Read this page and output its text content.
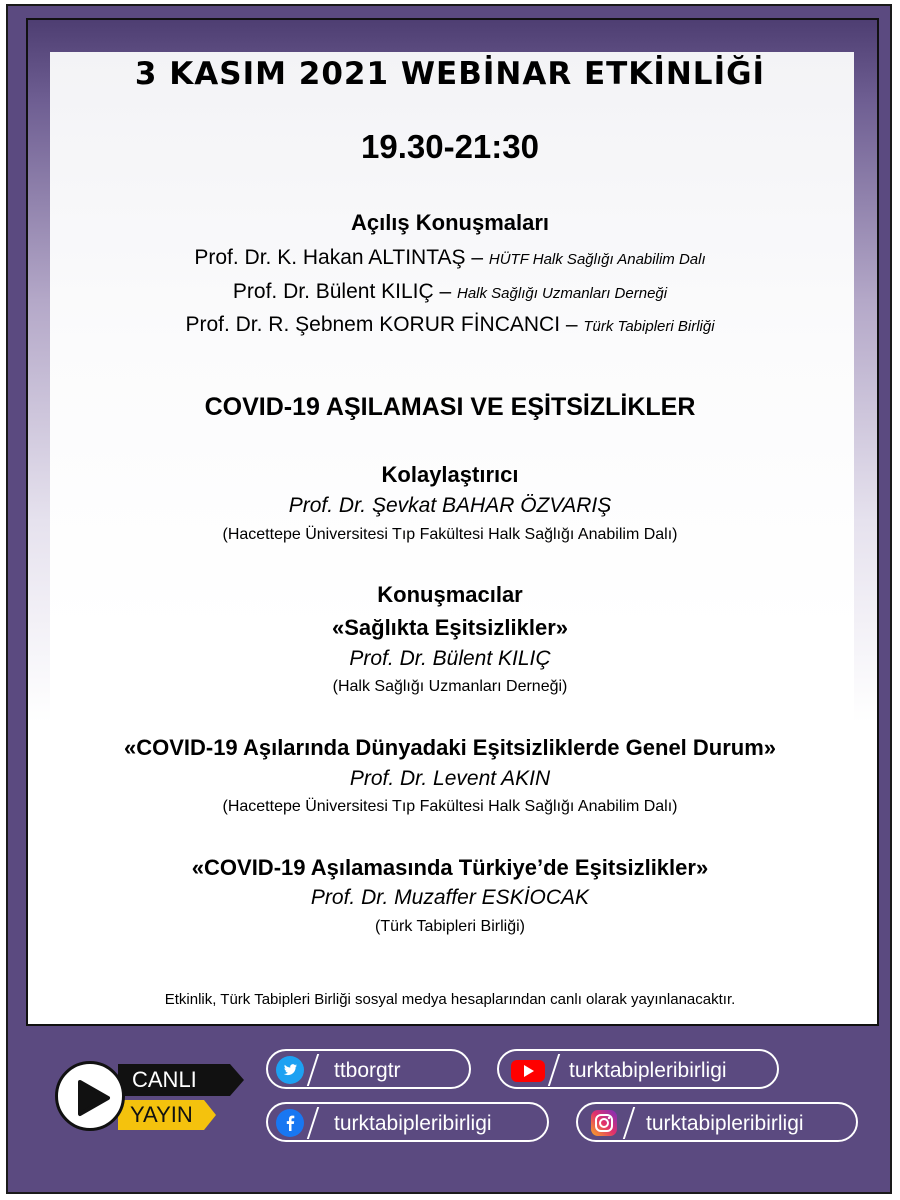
3 KASIM 2021 WEBİNAR ETKİNLİĞİ
19.30-21:30
Açılış Konuşmaları
Prof. Dr. K. Hakan ALTINTAŞ – HÜTF Halk Sağlığı Anabilim Dalı
Prof. Dr. Bülent KILIÇ – Halk Sağlığı Uzmanları Derneği
Prof. Dr. R. Şebnem KORUR FİNCANCI – Türk Tabipleri Birliği
COVID-19 AŞILAMASI VE EŞİTSİZLİKLER
Kolaylaştırıcı
Prof. Dr. Şevkat BAHAR ÖZVARIŞ
(Hacettepe Üniversitesi Tıp Fakültesi Halk Sağlığı Anabilim Dalı)
Konuşmacılar
«Sağlıkta Eşitsizlikler»
Prof. Dr. Bülent KILIÇ
(Halk Sağlığı Uzmanları Derneği)
«COVID-19 Aşılarında Dünyadaki Eşitsizliklerde Genel Durum»
Prof. Dr. Levent AKIN
(Hacettepe Üniversitesi Tıp Fakültesi Halk Sağlığı Anabilim Dalı)
«COVID-19 Aşılamasında Türkiye’de Eşitsizlikler»
Prof. Dr. Muzaffer ESKİOCAK
(Türk Tabipleri Birliği)
Etkinlik, Türk Tabipleri Birliği sosyal medya hesaplarından canlı olarak yayınlanacaktır.
CANLI
YAYIN
ttborgtr	turktabipleribirligi
turktabipleribirligi	turktabipleribirligi
